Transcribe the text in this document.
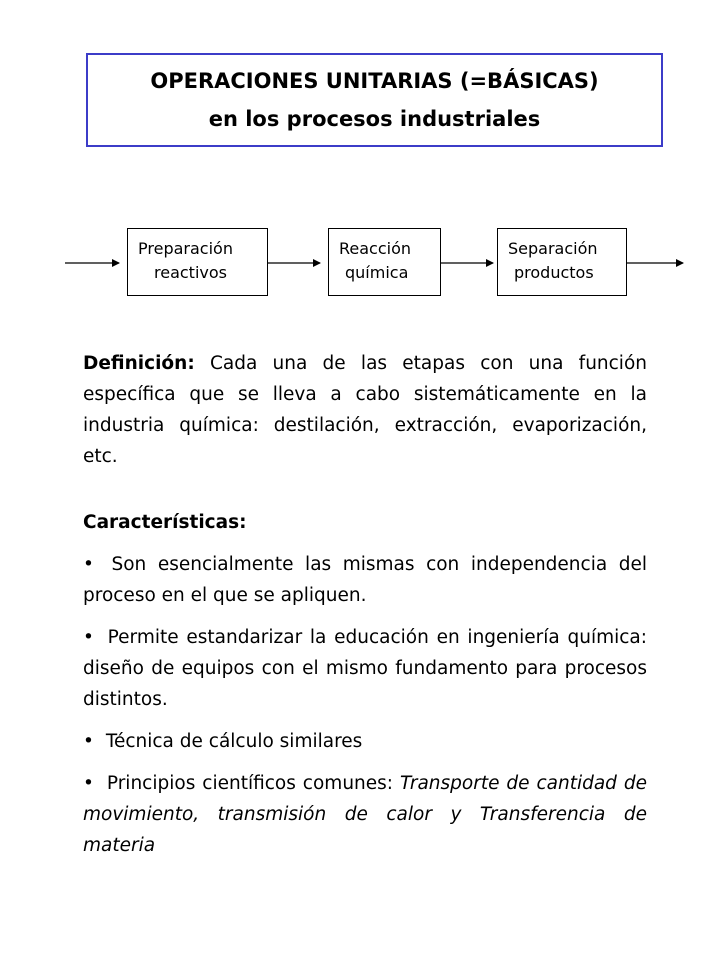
OPERACIONES UNITARIAS (=BÁSICAS)
en los procesos industriales
Preparación
reactivos
Reacción
química
Separación
productos

Definición: Cada una de las etapas con una función específica que se lleva a cabo sistemáticamente en la industria química: destilación, extracción, evaporización, etc.

Características:

• Son esencialmente las mismas con independencia del proceso en el que se apliquen.

• Permite estandarizar la educación en ingeniería química: diseño de equipos con el mismo fundamento para procesos distintos.

• Técnica de cálculo similares

• Principios científicos comunes: Transporte de cantidad de movimiento, transmisión de calor y Transferencia de materia
